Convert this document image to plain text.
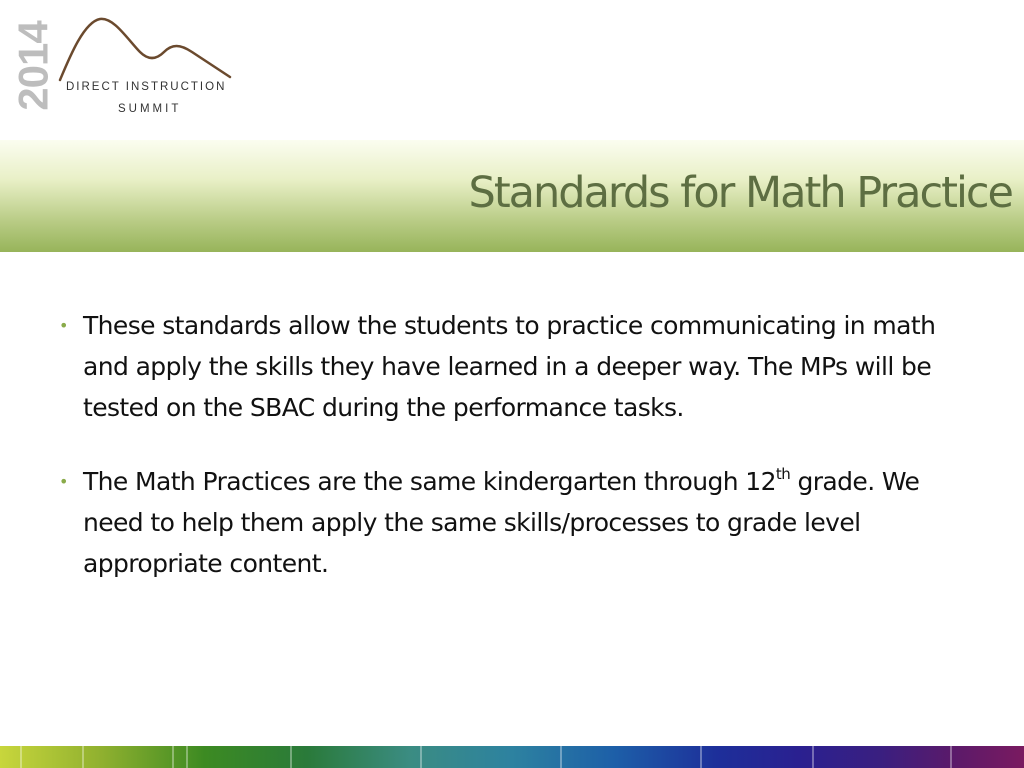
2014 DIRECT INSTRUCTION
SUMMIT
Standards for Math Practice
• These standards allow the students to practice communicating in math and apply the skills they have learned in a deeper way. The MPs will be tested on the SBAC during the performance tasks.
• The Math Practices are the same kindergarten through 12th grade. We need to help them apply the same skills/processes to grade level appropriate content.
